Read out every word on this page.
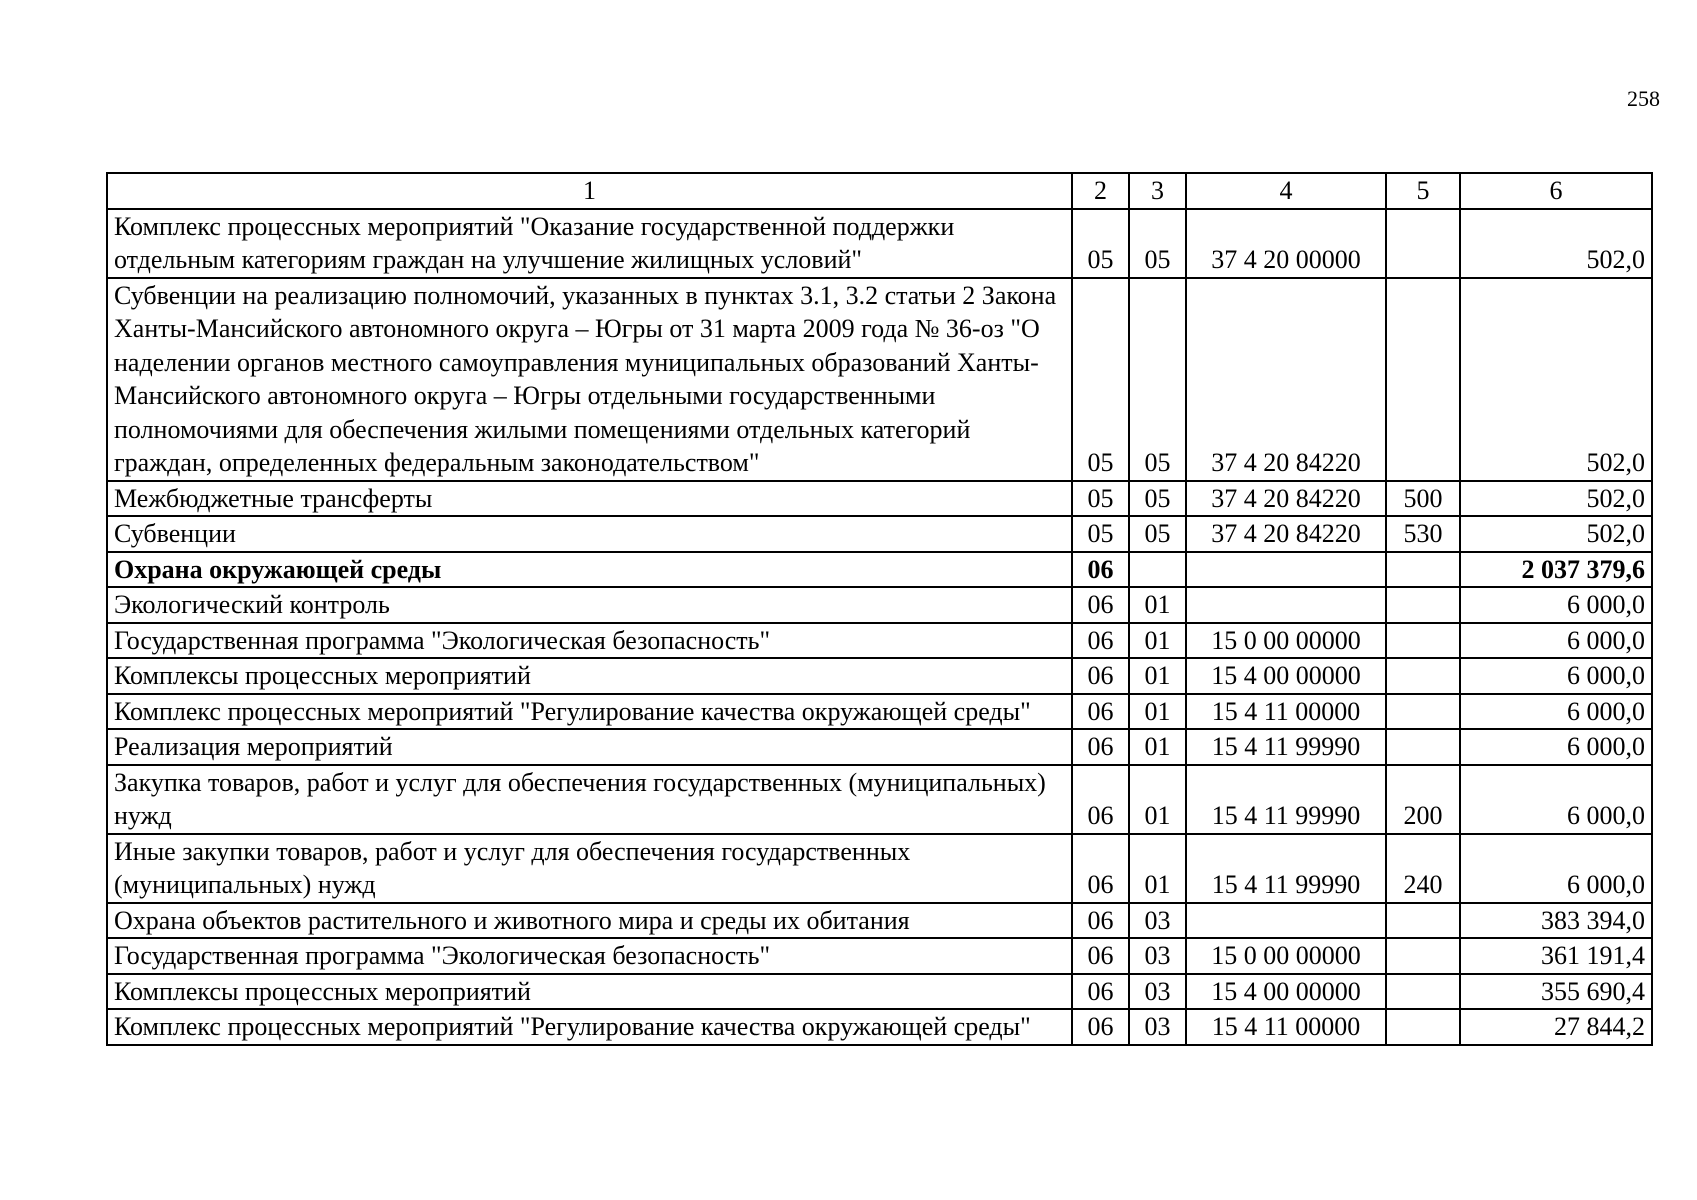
258
1	2	3	4	5	6
Комплекс процессных мероприятий "Оказание государственной поддержки отдельным категориям граждан на улучшение жилищных условий"	05	05	37 4 20 00000		502,0
Субвенции на реализацию полномочий, указанных в пунктах 3.1, 3.2 статьи 2 Закона Ханты-Мансийского автономного округа – Югры от 31 марта 2009 года № 36-оз "О наделении органов местного самоуправления муниципальных образований Ханты-Мансийского автономного округа – Югры отдельными государственными полномочиями для обеспечения жилыми помещениями отдельных категорий граждан, определенных федеральным законодательством"	05	05	37 4 20 84220		502,0
Межбюджетные трансферты	05	05	37 4 20 84220	500	502,0
Субвенции	05	05	37 4 20 84220	530	502,0
Охрана окружающей среды	06				2 037 379,6
Экологический контроль	06	01			6 000,0
Государственная программа "Экологическая безопасность"	06	01	15 0 00 00000		6 000,0
Комплексы процессных мероприятий	06	01	15 4 00 00000		6 000,0
Комплекс процессных мероприятий "Регулирование качества окружающей среды"	06	01	15 4 11 00000		6 000,0
Реализация мероприятий	06	01	15 4 11 99990		6 000,0
Закупка товаров, работ и услуг для обеспечения государственных (муниципальных) нужд	06	01	15 4 11 99990	200	6 000,0
Иные закупки товаров, работ и услуг для обеспечения государственных (муниципальных) нужд	06	01	15 4 11 99990	240	6 000,0
Охрана объектов растительного и животного мира и среды их обитания	06	03			383 394,0
Государственная программа "Экологическая безопасность"	06	03	15 0 00 00000		361 191,4
Комплексы процессных мероприятий	06	03	15 4 00 00000		355 690,4
Комплекс процессных мероприятий "Регулирование качества окружающей среды"	06	03	15 4 11 00000		27 844,2
